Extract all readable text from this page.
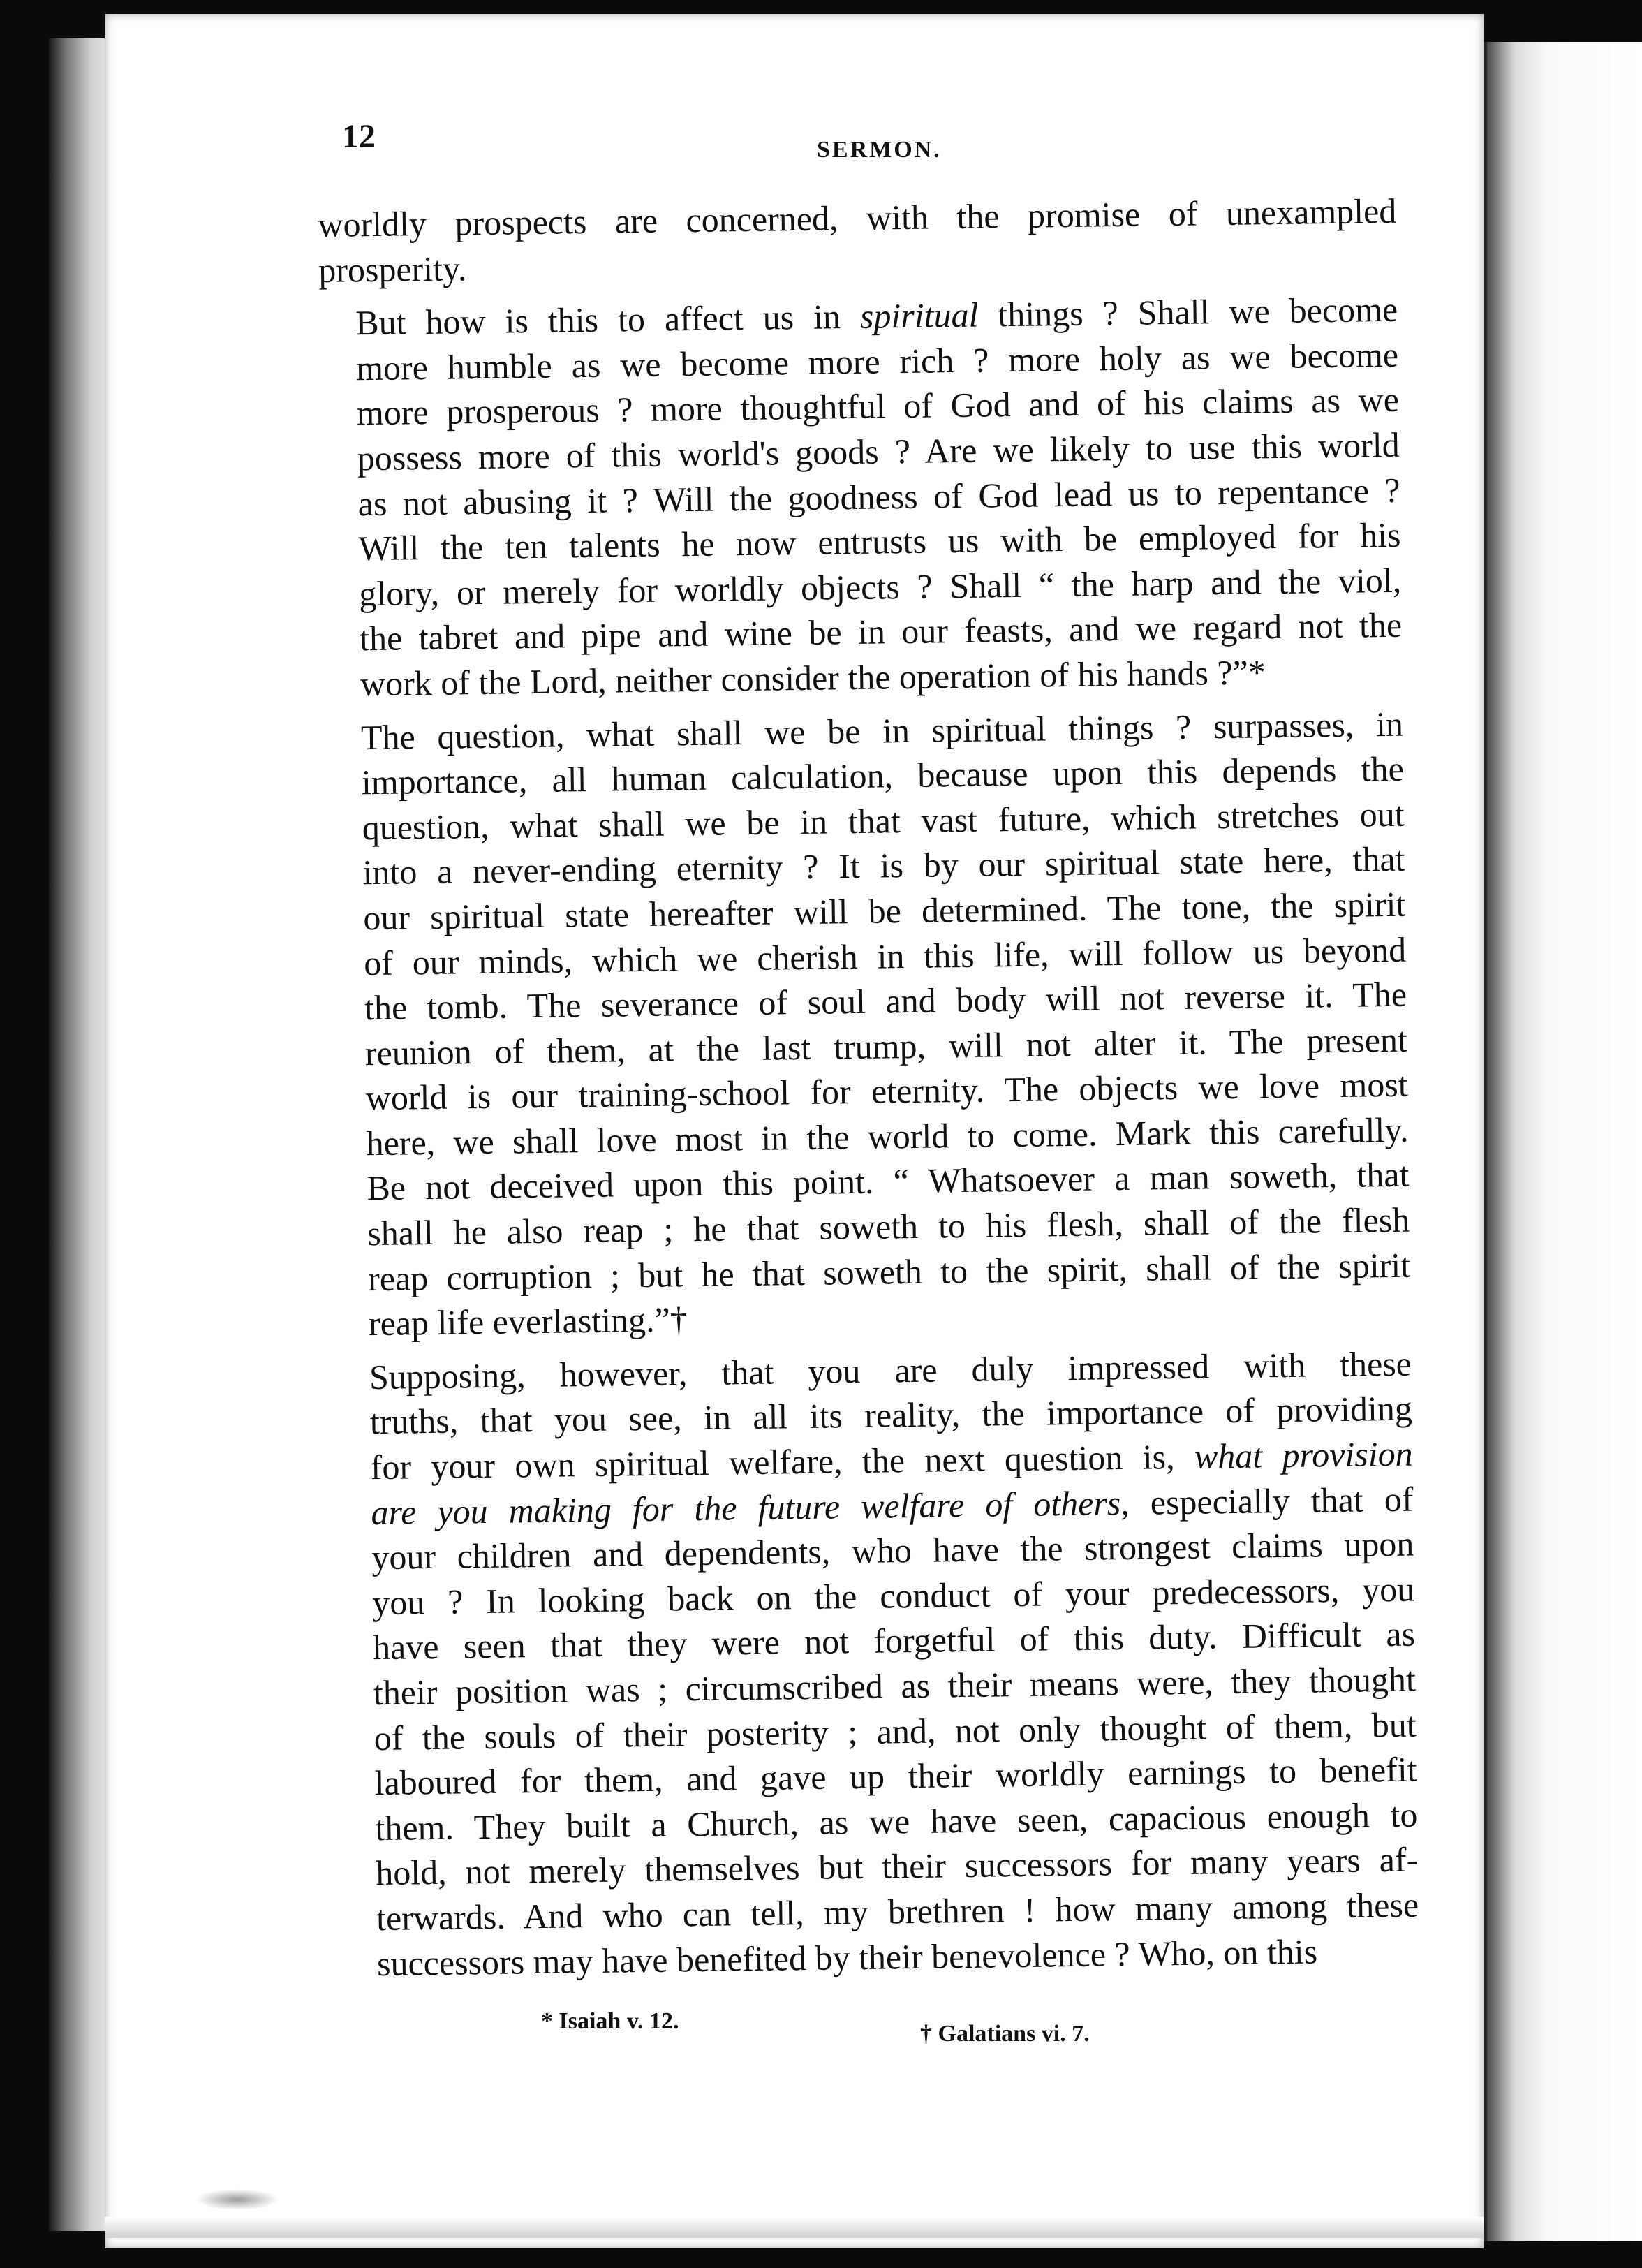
12	SERMON.
worldly prospects are concerned, with the promise of unexampled
prosperity.
But how is this to affect us in spiritual things ? Shall we become
more humble as we become more rich ? more holy as we become
more prosperous ? more thoughtful of God and of his claims as we
possess more of this world's goods ? Are we likely to use this world
as not abusing it ? Will the goodness of God lead us to repentance ?
Will the ten talents he now entrusts us with be employed for his
glory, or merely for worldly objects ? Shall “ the harp and the viol,
the tabret and pipe and wine be in our feasts, and we regard not the
work of the Lord, neither consider the operation of his hands ?”*
The question, what shall we be in spiritual things ? surpasses, in
importance, all human calculation, because upon this depends the
question, what shall we be in that vast future, which stretches out
into a never-ending eternity ? It is by our spiritual state here, that
our spiritual state hereafter will be determined. The tone, the spirit
of our minds, which we cherish in this life, will follow us beyond
the tomb. The severance of soul and body will not reverse it. The
reunion of them, at the last trump, will not alter it. The present
world is our training-school for eternity. The objects we love most
here, we shall love most in the world to come. Mark this carefully.
Be not deceived upon this point. “ Whatsoever a man soweth, that
shall he also reap ; he that soweth to his flesh, shall of the flesh
reap corruption ; but he that soweth to the spirit, shall of the spirit
reap life everlasting.”†
Supposing, however, that you are duly impressed with these
truths, that you see, in all its reality, the importance of providing
for your own spiritual welfare, the next question is, what provision
are you making for the future welfare of others, especially that of
your children and dependents, who have the strongest claims upon
you ? In looking back on the conduct of your predecessors, you
have seen that they were not forgetful of this duty. Difficult as
their position was ; circumscribed as their means were, they thought
of the souls of their posterity ; and, not only thought of them, but
laboured for them, and gave up their worldly earnings to benefit
them. They built a Church, as we have seen, capacious enough to
hold, not merely themselves but their successors for many years af-
terwards. And who can tell, my brethren ! how many among these
successors may have benefited by their benevolence ? Who, on this
* Isaiah v. 12.	† Galatians vi. 7.
